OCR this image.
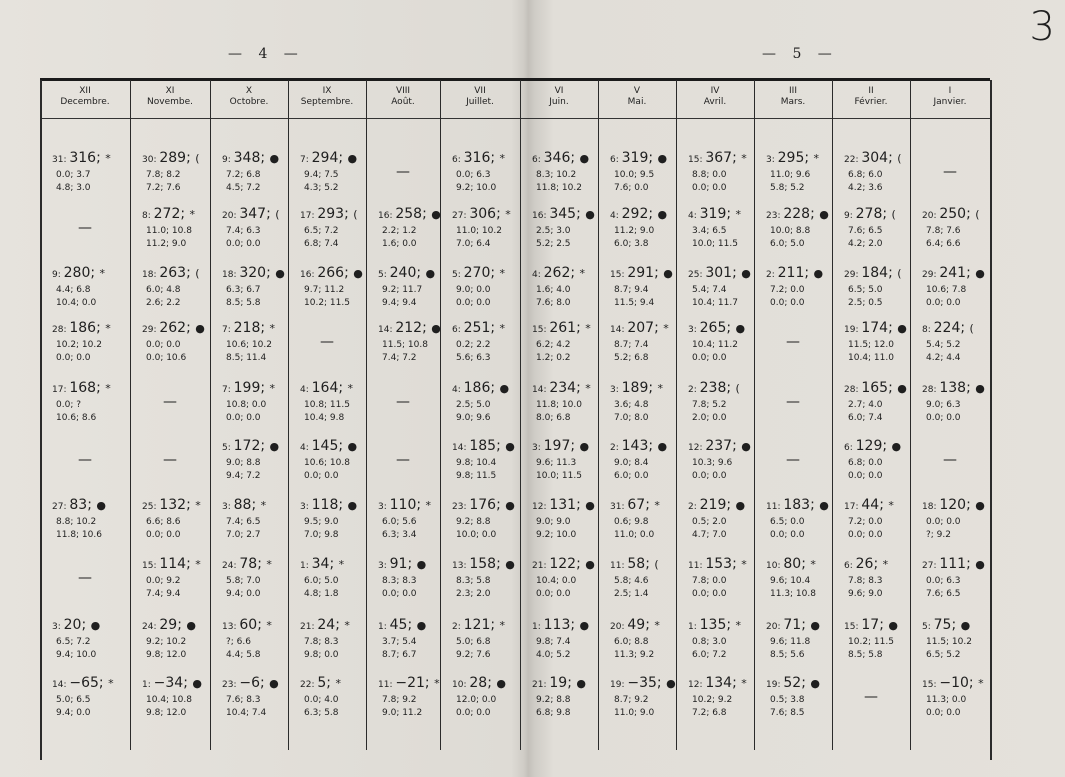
— 4 —	— 5 —
3
XII
Decembre.
XI
Novembe.
X
Octobre.
IX
Septembre.
VIII
Août.
VII
Juillet.
VI
Juin.
V
Mai.
IV
Avril.
III
Mars.
II
Février.
I
Janvier.
31: 316; *
0.0; 3.7
4.8; 3.0
30: 289; (
7.8; 8.2
7.2; 7.6
9: 348; ●
7.2; 6.8
4.5; 7.2
7: 294; ●
9.4; 7.5
4.3; 5.2
—
6: 316; *
0.0; 6.3
9.2; 10.0
6: 346; ●
8.3; 10.2
11.8; 10.2
6: 319; ●
10.0; 9.5
7.6; 0.0
15: 367; *
8.8; 0.0
0.0; 0.0
3: 295; *
11.0; 9.6
5.8; 5.2
22: 304; (
6.8; 6.0
4.2; 3.6
—
—
8: 272; *
11.0; 10.8
11.2; 9.0
20: 347; (
7.4; 6.3
0.0; 0.0
17: 293; (
6.5; 7.2
6.8; 7.4
16: 258; ●
2.2; 1.2
1.6; 0.0
27: 306; *
11.0; 10.2
7.0; 6.4
16: 345; ●
2.5; 3.0
5.2; 2.5
4: 292; ●
11.2; 9.0
6.0; 3.8
4: 319; *
3.4; 6.5
10.0; 11.5
23: 228; ●
10.0; 8.8
6.0; 5.0
9: 278; (
7.6; 6.5
4.2; 2.0
20: 250; (
7.8; 7.6
6.4; 6.6
9: 280; *
4.4; 6.8
10.4; 0.0
18: 263; (
6.0; 4.8
2.6; 2.2
18: 320; ●
6.3; 6.7
8.5; 5.8
16: 266; ●
9.7; 11.2
10.2; 11.5
5: 240; ●
9.2; 11.7
9.4; 9.4
5: 270; *
9.0; 0.0
0.0; 0.0
4: 262; *
1.6; 4.0
7.6; 8.0
15: 291; ●
8.7; 9.4
11.5; 9.4
25: 301; ●
5.4; 7.4
10.4; 11.7
2: 211; ●
7.2; 0.0
0.0; 0.0
29: 184; (
6.5; 5.0
2.5; 0.5
29: 241; ●
10.6; 7.8
0.0; 0.0
28: 186; *
10.2; 10.2
0.0; 0.0
29: 262; ●
0.0; 0.0
0.0; 10.6
7: 218; *
10.6; 10.2
8.5; 11.4
—
14: 212; ●
11.5; 10.8
7.4; 7.2
6: 251; *
0.2; 2.2
5.6; 6.3
15: 261; *
6.2; 4.2
1.2; 0.2
14: 207; *
8.7; 7.4
5.2; 6.8
3: 265; ●
10.4; 11.2
0.0; 0.0
—
19: 174; ●
11.5; 12.0
10.4; 11.0
8: 224; (
5.4; 5.2
4.2; 4.4
17: 168; *
0.0; ?
10.6; 8.6
—
7: 199; *
10.8; 0.0
0.0; 0.0
4: 164; *
10.8; 11.5
10.4; 9.8
—
4: 186; ●
2.5; 5.0
9.0; 9.6
14: 234; *
11.8; 10.0
8.0; 6.8
3: 189; *
3.6; 4.8
7.0; 8.0
2: 238; (
7.8; 5.2
2.0; 0.0
—
28: 165; ●
2.7; 4.0
6.0; 7.4
28: 138; ●
9.0; 6.3
0.0; 0.0
—	—
5: 172; ●
9.0; 8.8
9.4; 7.2
4: 145; ●
10.6; 10.8
0.0; 0.0
—
14: 185; ●
9.8; 10.4
9.8; 11.5
3: 197; ●
9.6; 11.3
10.0; 11.5
2: 143; ●
9.0; 8.4
6.0; 0.0
12: 237; ●
10.3; 9.6
0.0; 0.0
—
6: 129; ●
6.8; 0.0
0.0; 0.0
—
27: 83; ●
8.8; 10.2
11.8; 10.6
25: 132; *
6.6; 8.6
0.0; 0.0
3: 88; *
7.4; 6.5
7.0; 2.7
3: 118; ●
9.5; 9.0
7.0; 9.8
3: 110; *
6.0; 5.6
6.3; 3.4
23: 176; ●
9.2; 8.8
10.0; 0.0
12: 131; ●
9.0; 9.0
9.2; 10.0
31: 67; *
0.6; 9.8
11.0; 0.0
2: 219; ●
0.5; 2.0
4.7; 7.0
11: 183; ●
6.5; 0.0
0.0; 0.0
17: 44; *
7.2; 0.0
0.0; 0.0
18: 120; ●
0.0; 0.0
?; 9.2
—
15: 114; *
0.0; 9.2
7.4; 9.4
24: 78; *
5.8; 7.0
9.4; 0.0
1: 34; *
6.0; 5.0
4.8; 1.8
3: 91; ●
8.3; 8.3
0.0; 0.0
13: 158; ●
8.3; 5.8
2.3; 2.0
21: 122; ●
10.4; 0.0
0.0; 0.0
11: 58; (
5.8; 4.6
2.5; 1.4
11: 153; *
7.8; 0.0
0.0; 0.0
10: 80; *
9.6; 10.4
11.3; 10.8
6: 26; *
7.8; 8.3
9.6; 9.0
27: 111; ●
0.0; 6.3
7.6; 6.5
3: 20; ●
6.5; 7.2
9.4; 10.0
24: 29; ●
9.2; 10.2
9.8; 12.0
13: 60; *
?; 6.6
4.4; 5.8
21: 24; *
7.8; 8.3
9.8; 0.0
1: 45; ●
3.7; 5.4
8.7; 6.7
2: 121; *
5.0; 6.8
9.2; 7.6
1: 113; ●
9.8; 7.4
4.0; 5.2
20: 49; *
6.0; 8.8
11.3; 9.2
1: 135; *
0.8; 3.0
6.0; 7.2
20: 71; ●
9.6; 11.8
8.5; 5.6
15: 17; ●
10.2; 11.5
8.5; 5.8
5: 75; ●
11.5; 10.2
6.5; 5.2
14: −65; *
5.0; 6.5
9.4; 0.0
1: −34; ●
10.4; 10.8
9.8; 12.0
23: −6; ●
7.6; 8.3
10.4; 7.4
22: 5; *
0.0; 4.0
6.3; 5.8
11: −21; *
7.8; 9.2
9.0; 11.2
10: 28; ●
12.0; 0.0
0.0; 0.0
21: 19; ●
9.2; 8.8
6.8; 9.8
19: −35; ●
8.7; 9.2
11.0; 9.0
12: 134; *
10.2; 9.2
7.2; 6.8
19: 52; ●
0.5; 3.8
7.6; 8.5
—
15: −10; *
11.3; 0.0
0.0; 0.0
